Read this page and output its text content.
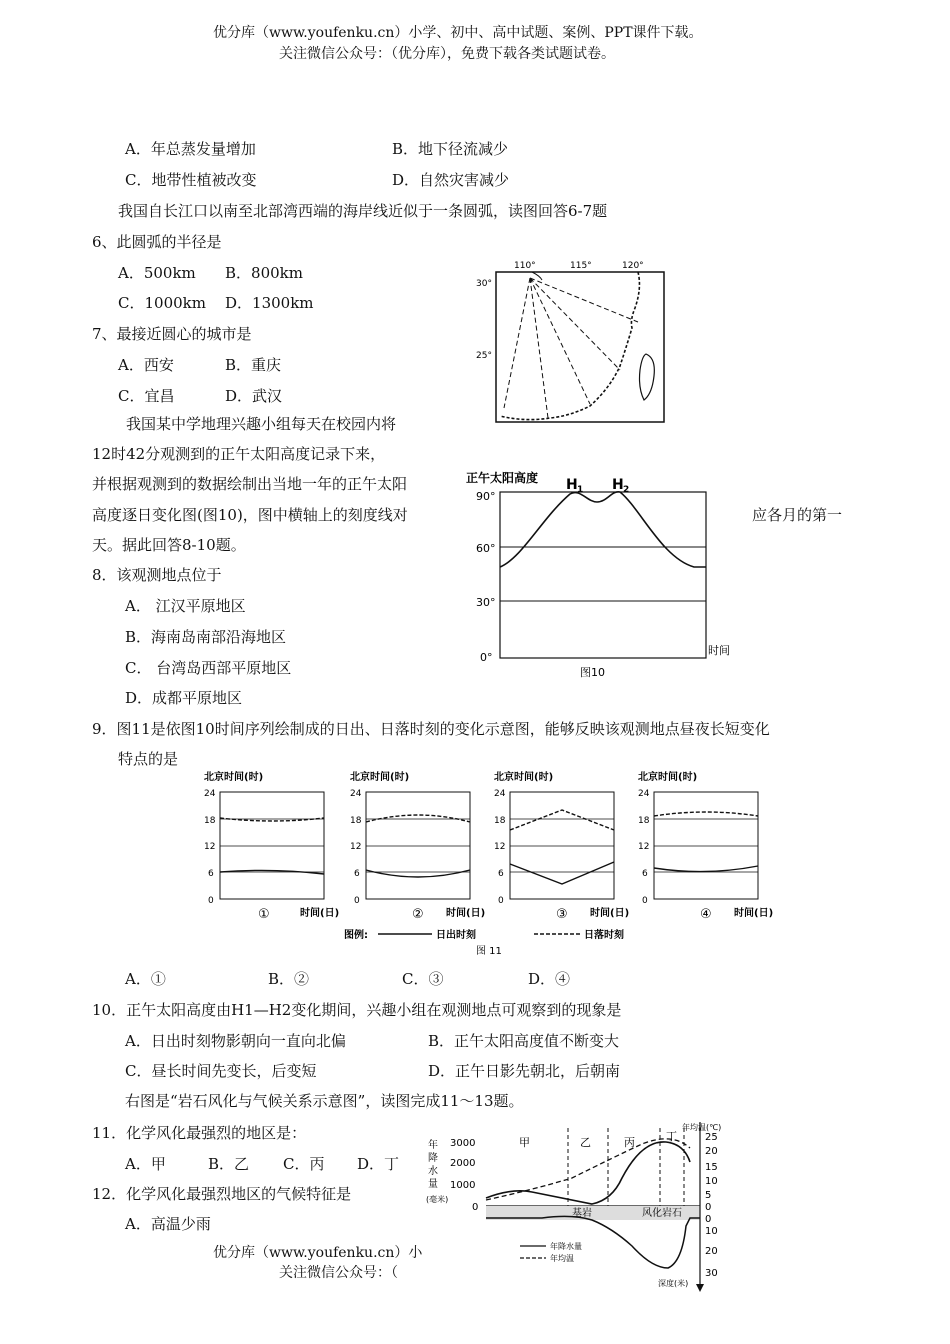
优分库（www.youfenku.cn）小学、初中、高中试题、案例、PPT课件下载。
关注微信公众号：（优分库），免费下载各类试题试卷。
A．年总蒸发量增加	B．地下径流减少
C．地带性植被改变	D．自然灾害减少
我国自长江口以南至北部湾西端的海岸线近似于一条圆弧，读图回答6-7题
6、此圆弧的半径是
A．500km B．800km
C．1000km D．1300km
7、最接近圆心的城市是
A．西安	B．重庆
C．宜昌	D．武汉
我国某中学地理兴趣小组每天在校园内将
12时42分观测到的正午太阳高度记录下来，
并根据观测到的数据绘制出当地一年的正午太阳
高度逐日变化图(图10)，图中横轴上的刻度线对	应各月的第一
天。据此回答8-10题。
8．该观测地点位于
A． 江汉平原地区
B．海南岛南部沿海地区
C． 台湾岛西部平原地区
D．成都平原地区
9．图11是依图10时间序列绘制成的日出、日落时刻的变化示意图，能够反映该观测地点昼夜长短变化
特点的是
A．①	B．②	C．③	D．④
10．正午太阳高度由H1—H2变化期间，兴趣小组在观测地点可观察到的现象是
A．日出时刻物影朝向一直向北偏	B．正午太阳高度值不断变大
C．昼长时间先变长，后变短	D．正午日影先朝北，后朝南
右图是“岩石风化与气候关系示意图”，读图完成11～13题。
11．化学风化最强烈的地区是：
A．甲	B．乙 C．丙 D．丁
12．化学风化最强烈地区的气候特征是
A．高温少雨
优分库（www.youfenku.cn）小
关注微信公众号：（
110°	115°	120°
30°
25°
正午太阳高度 H 1 H 2
90°
60°
30°
0°
时间
图10
北京时间(时)
24
18
12
6
0
①	时间(日)
北京时间(时)
24
18
12
6
0
② 时间(日)
北京时间(时)
24
18
12
6
0
③ 时间(日)
北京时间(时)
24
18
12
6
0
④ 时间(日)
图例:	日出时刻	日落时刻
图 11
年
降
水
量
(毫米)
3000
2000
1000
0
甲	乙	丙	丁
基岩	风化岩石
年降水量
年均温
25
20
15
10
5
0
10
20
30
0
年均温(℃)
深度(米)
